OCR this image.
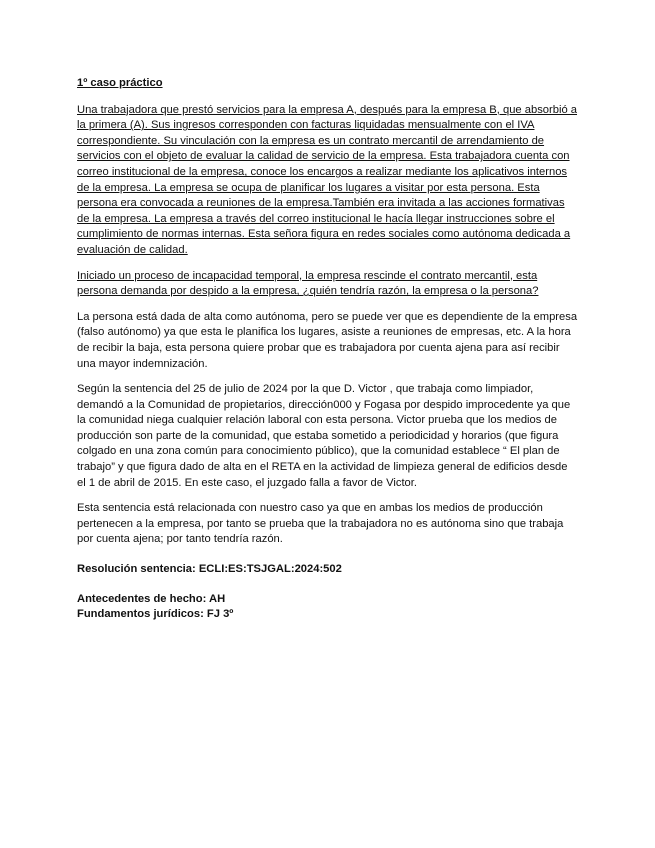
1º caso práctico

Una trabajadora que prestó servicios para la empresa A, después para la empresa B, que absorbió a la primera (A). Sus ingresos corresponden con facturas liquidadas mensualmente con el IVA correspondiente. Su vinculación con la empresa es un contrato mercantil de arrendamiento de servicios con el objeto de evaluar la calidad de servicio de la empresa. Esta trabajadora cuenta con correo institucional de la empresa, conoce los encargos a realizar mediante los aplicativos internos de la empresa. La empresa se ocupa de planificar los lugares a visitar por esta persona. Esta persona era convocada a reuniones de la empresa.También era invitada a las acciones formativas de la empresa. La empresa a través del correo institucional le hacía llegar instrucciones sobre el cumplimiento de normas internas. Esta señora figura en redes sociales como autónoma dedicada a evaluación de calidad.

Iniciado un proceso de incapacidad temporal, la empresa rescinde el contrato mercantil, esta persona demanda por despido a la empresa, ¿quién tendría razón, la empresa o la persona?

La persona está dada de alta como autónoma, pero se puede ver que es dependiente de la empresa (falso autónomo) ya que esta le planifica los lugares, asiste a reuniones de empresas, etc. A la hora de recibir la baja, esta persona quiere probar que es trabajadora por cuenta ajena para así recibir una mayor indemnización.

Según la sentencia del 25 de julio de 2024 por la que D. Victor , que trabaja como limpiador, demandó a la Comunidad de propietarios, dirección000 y Fogasa por despido improcedente ya que la comunidad niega cualquier relación laboral con esta persona. Victor prueba que los medios de producción son parte de la comunidad, que estaba sometido a periodicidad y horarios (que figura colgado en una zona común para conocimiento público), que la comunidad establece “ El plan de trabajo” y que figura dado de alta en el RETA en la actividad de limpieza general de edificios desde el 1 de abril de 2015. En este caso, el juzgado falla a favor de Victor.

Esta sentencia está relacionada con nuestro caso ya que en ambas los medios de producción pertenecen a la empresa, por tanto se prueba que la trabajadora no es autónoma sino que trabaja por cuenta ajena; por tanto tendría razón.

Resolución sentencia: ECLI:ES:TSJGAL:2024:502

Antecedentes de hecho: AH

Fundamentos jurídicos: FJ 3º
